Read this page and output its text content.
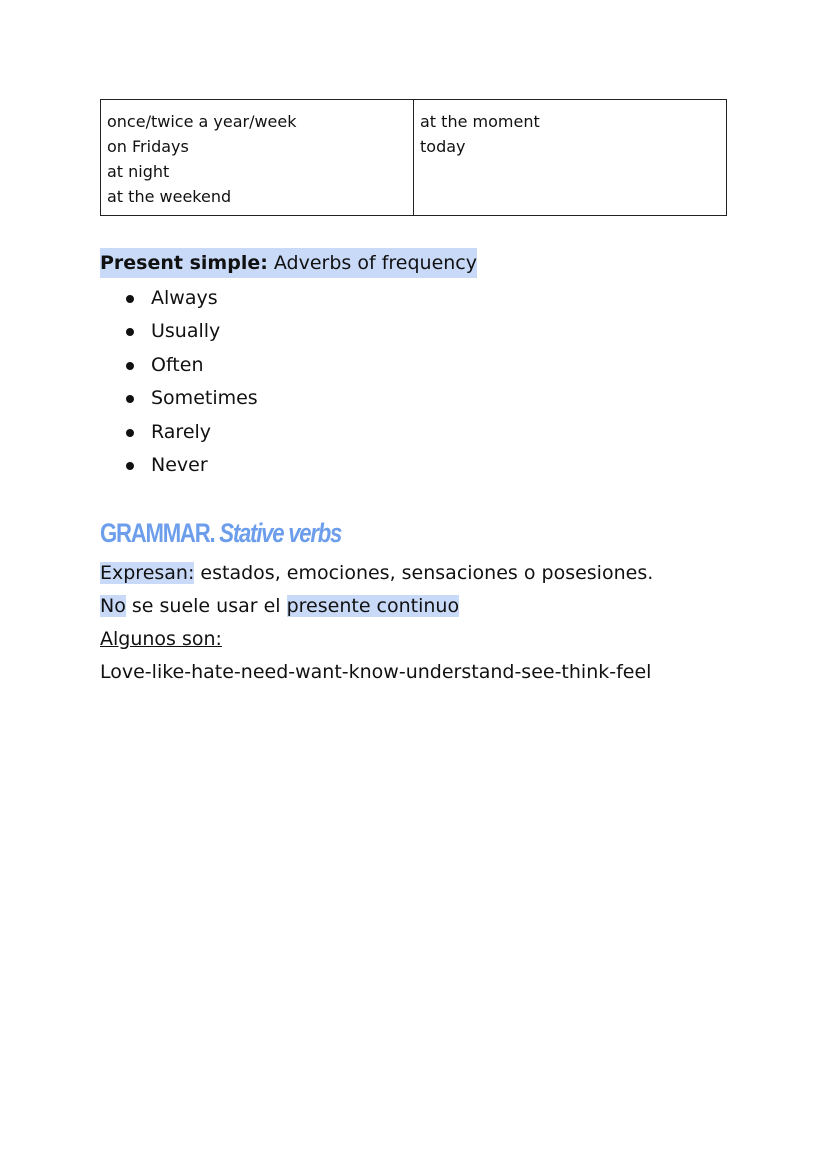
once/twice a year/week
on Fridays
at night
at the weekend

at the moment
today
Present simple: Adverbs of frequency
Always
Usually
Often
Sometimes
Rarely
Never
GRAMMAR. Stative verbs
Expresan: estados, emociones, sensaciones o posesiones.
No se suele usar el presente continuo
Algunos son:
Love-like-hate-need-want-know-understand-see-think-feel
